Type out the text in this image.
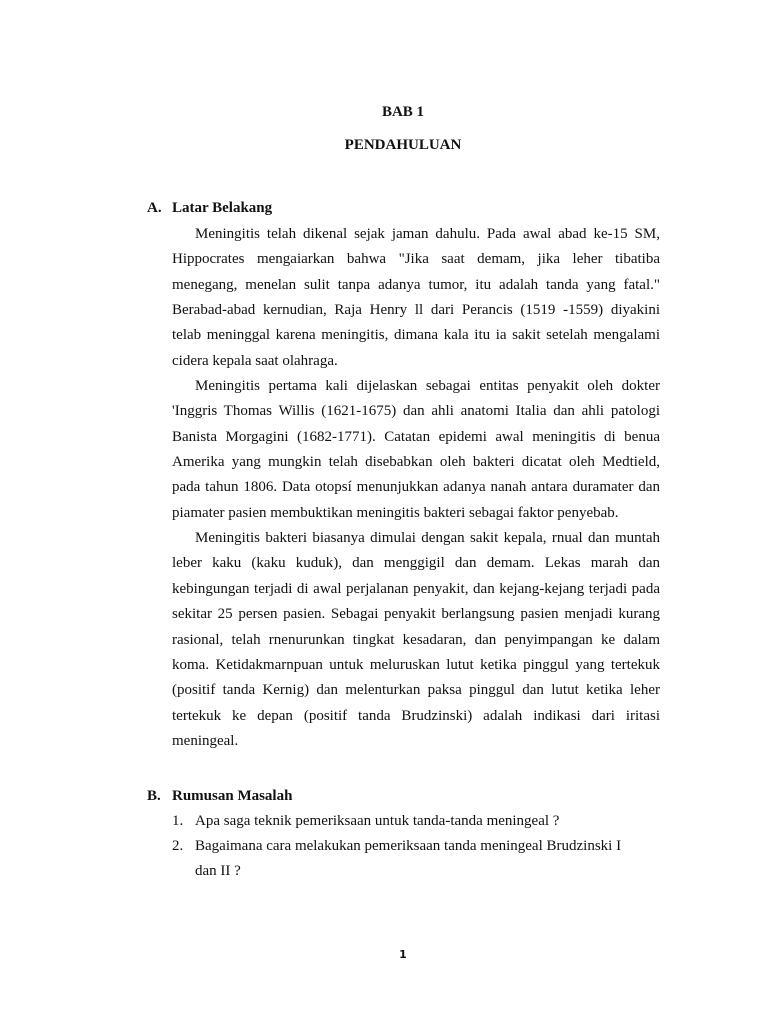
BAB 1
PENDAHULUAN
A. Latar Belakang
Meningitis telah dikenal sejak jaman dahulu. Pada awal abad ke-15 SM,
Hippocrates mengaiarkan bahwa "Jika saat demam, jika leher tibatiba
menegang, menelan sulit tanpa adanya tumor, itu adalah tanda yang fatal."
Berabad-abad kernudian, Raja Henry ll dari Perancis (1519 -1559) diyakini
telab meninggal karena meningitis, dimana kala itu ia sakit setelah mengalami
cidera kepala saat olahraga.
Meningitis pertama kali dijelaskan sebagai entitas penyakit oleh dokter
'Inggris Thomas Willis (1621-1675) dan ahli anatomi Italia dan ahli patologi
Banista Morgagini (1682-1771). Catatan epidemi awal meningitis di benua
Amerika yang mungkin telah disebabkan oleh bakteri dicatat oleh Medtield,
pada tahun 1806. Data otopsí menunjukkan adanya nanah antara duramater dan
piamater pasien membuktikan meningitis bakteri sebagai faktor penyebab.
Meningitis bakteri biasanya dimulai dengan sakit kepala, rnual dan muntah
leber kaku (kaku kuduk), dan menggigil dan demam. Lekas marah dan
kebingungan terjadi di awal perjalanan penyakit, dan kejang-kejang terjadi pada
sekitar 25 persen pasien. Sebagai penyakit berlangsung pasien menjadi kurang
rasional, telah rnenurunkan tingkat kesadaran, dan penyimpangan ke dalam
koma. Ketidakmarnpuan untuk meluruskan lutut ketika pinggul yang tertekuk
(positif tanda Kernig) dan melenturkan paksa pinggul dan lutut ketika leher
tertekuk ke depan (positif tanda Brudzinski) adalah indikasi dari iritasi
meningeal.
B. Rumusan Masalah
1. Apa saga teknik pemeriksaan untuk tanda-tanda meningeal ?
2. Bagaimana cara melakukan pemeriksaan tanda meningeal Brudzinski I
dan II ?
1
